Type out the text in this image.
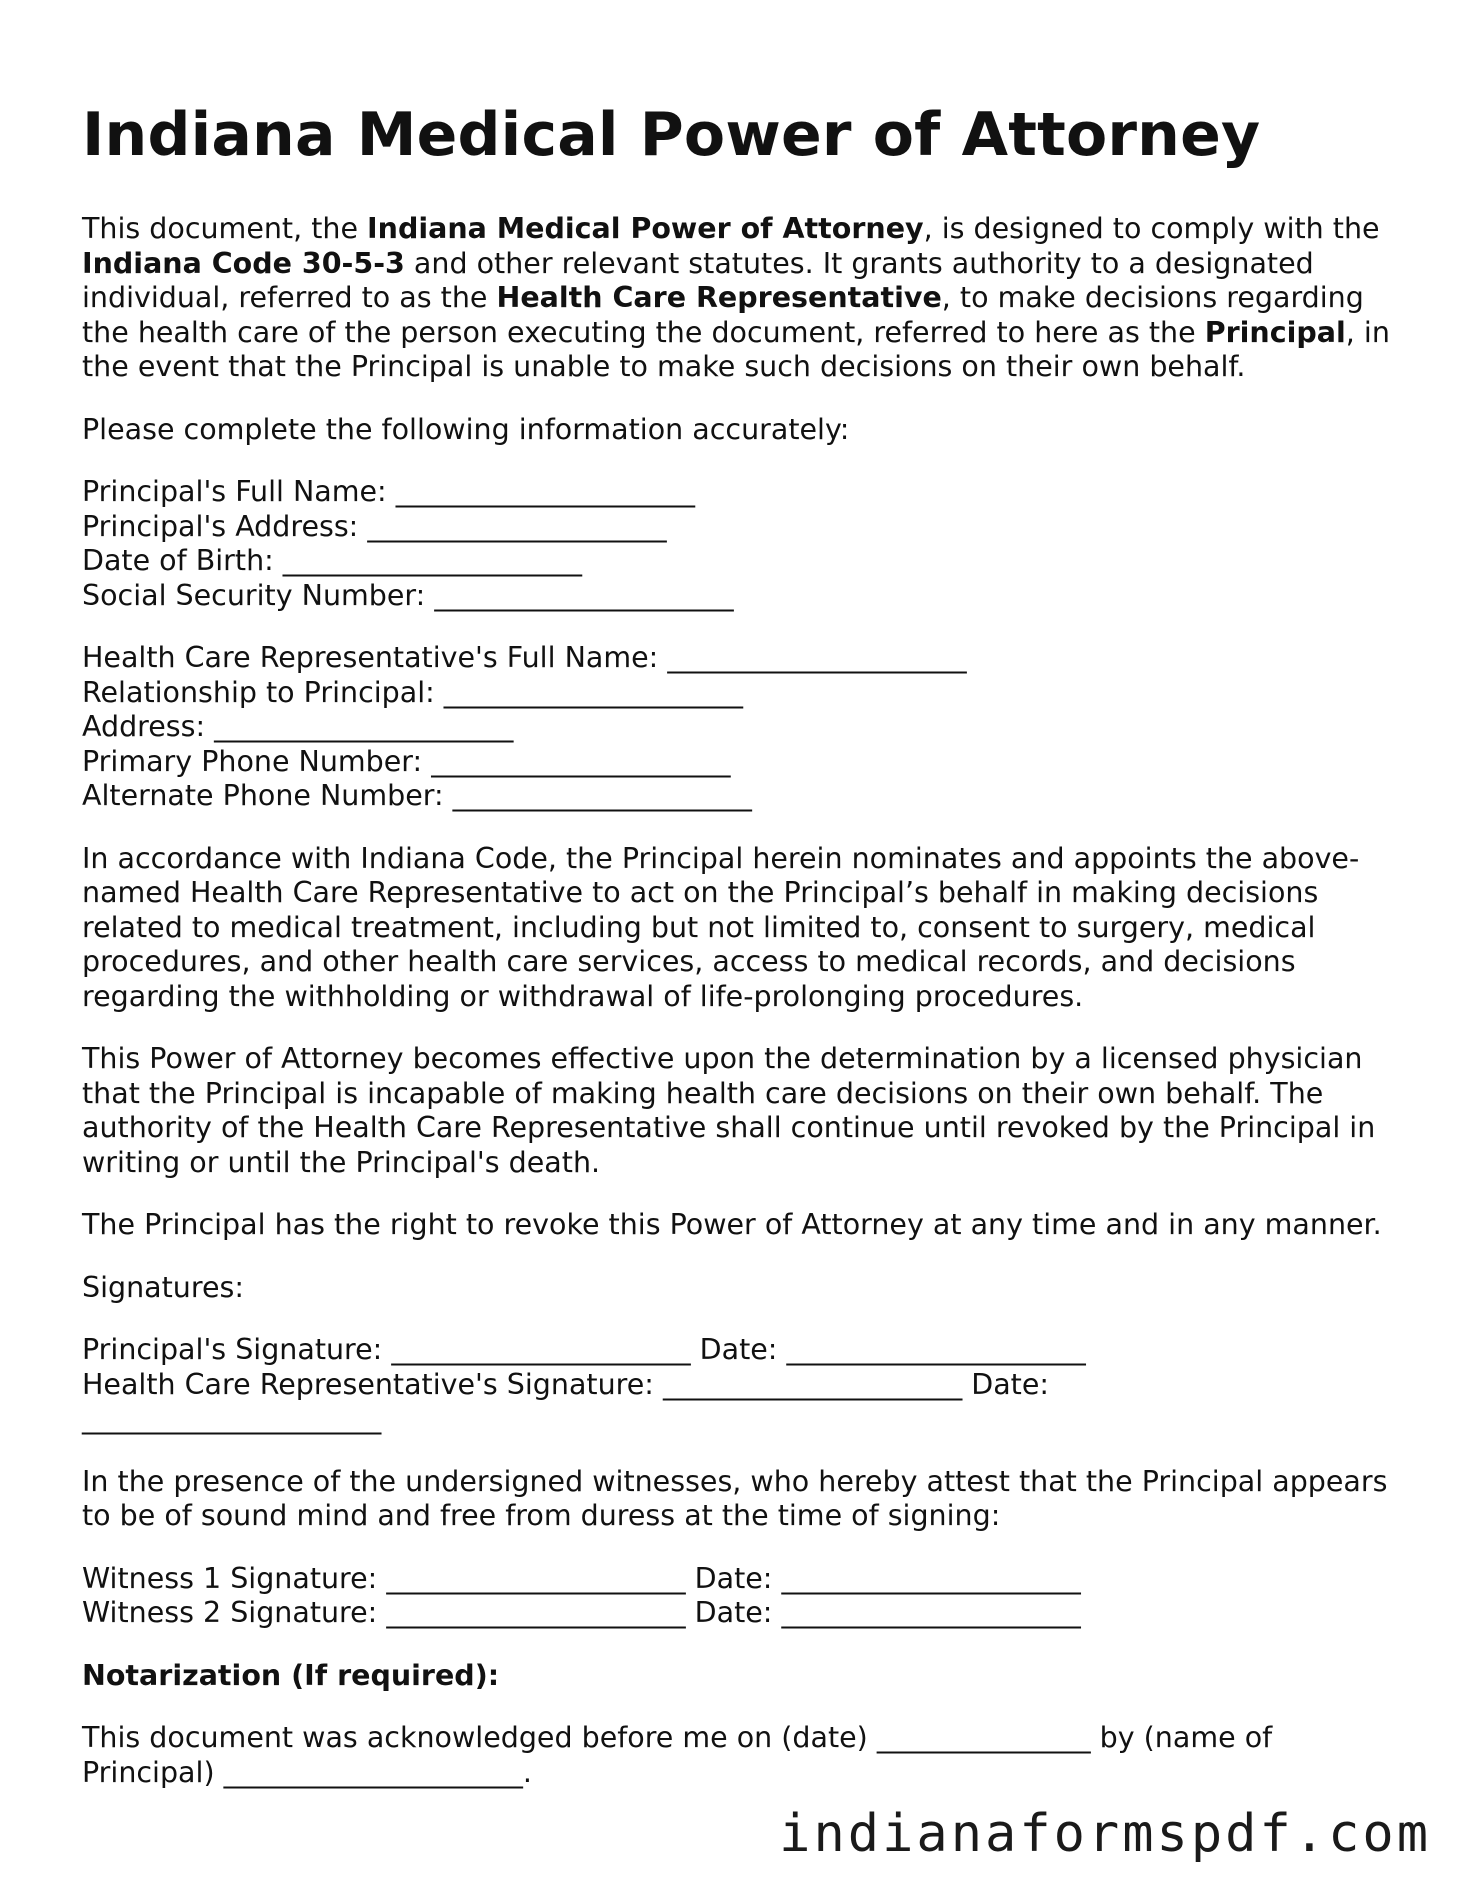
Indiana Medical Power of Attorney

This document, the Indiana Medical Power of Attorney, is designed to comply with the Indiana Code 30-5-3 and other relevant statutes. It grants authority to a designated individual, referred to as the Health Care Representative, to make decisions regarding the health care of the person executing the document, referred to here as the Principal, in the event that the Principal is unable to make such decisions on their own behalf.

Please complete the following information accurately:

Principal's Full Name: _____________________
Principal's Address: _____________________
Date of Birth: _____________________
Social Security Number: _____________________
Health Care Representative's Full Name: _____________________
Relationship to Principal: _____________________
Address: _____________________
Primary Phone Number: _____________________
Alternate Phone Number: _____________________

In accordance with Indiana Code, the Principal herein nominates and appoints the above-named Health Care Representative to act on the Principal’s behalf in making decisions related to medical treatment, including but not limited to, consent to surgery, medical procedures, and other health care services, access to medical records, and decisions regarding the withholding or withdrawal of life-prolonging procedures.

This Power of Attorney becomes effective upon the determination by a licensed physician that the Principal is incapable of making health care decisions on their own behalf. The authority of the Health Care Representative shall continue until revoked by the Principal in writing or until the Principal's death.

The Principal has the right to revoke this Power of Attorney at any time and in any manner.

Signatures:

Principal's Signature: _____________________ Date: _____________________
Health Care Representative's Signature: _____________________ Date:
_____________________

In the presence of the undersigned witnesses, who hereby attest that the Principal appears to be of sound mind and free from duress at the time of signing:

Witness 1 Signature: _____________________ Date: _____________________
Witness 2 Signature: _____________________ Date: _____________________

Notarization (If required):

This document was acknowledged before me on (date) _______________ by (name of Principal) _____________________.

indianaformspdf.com
